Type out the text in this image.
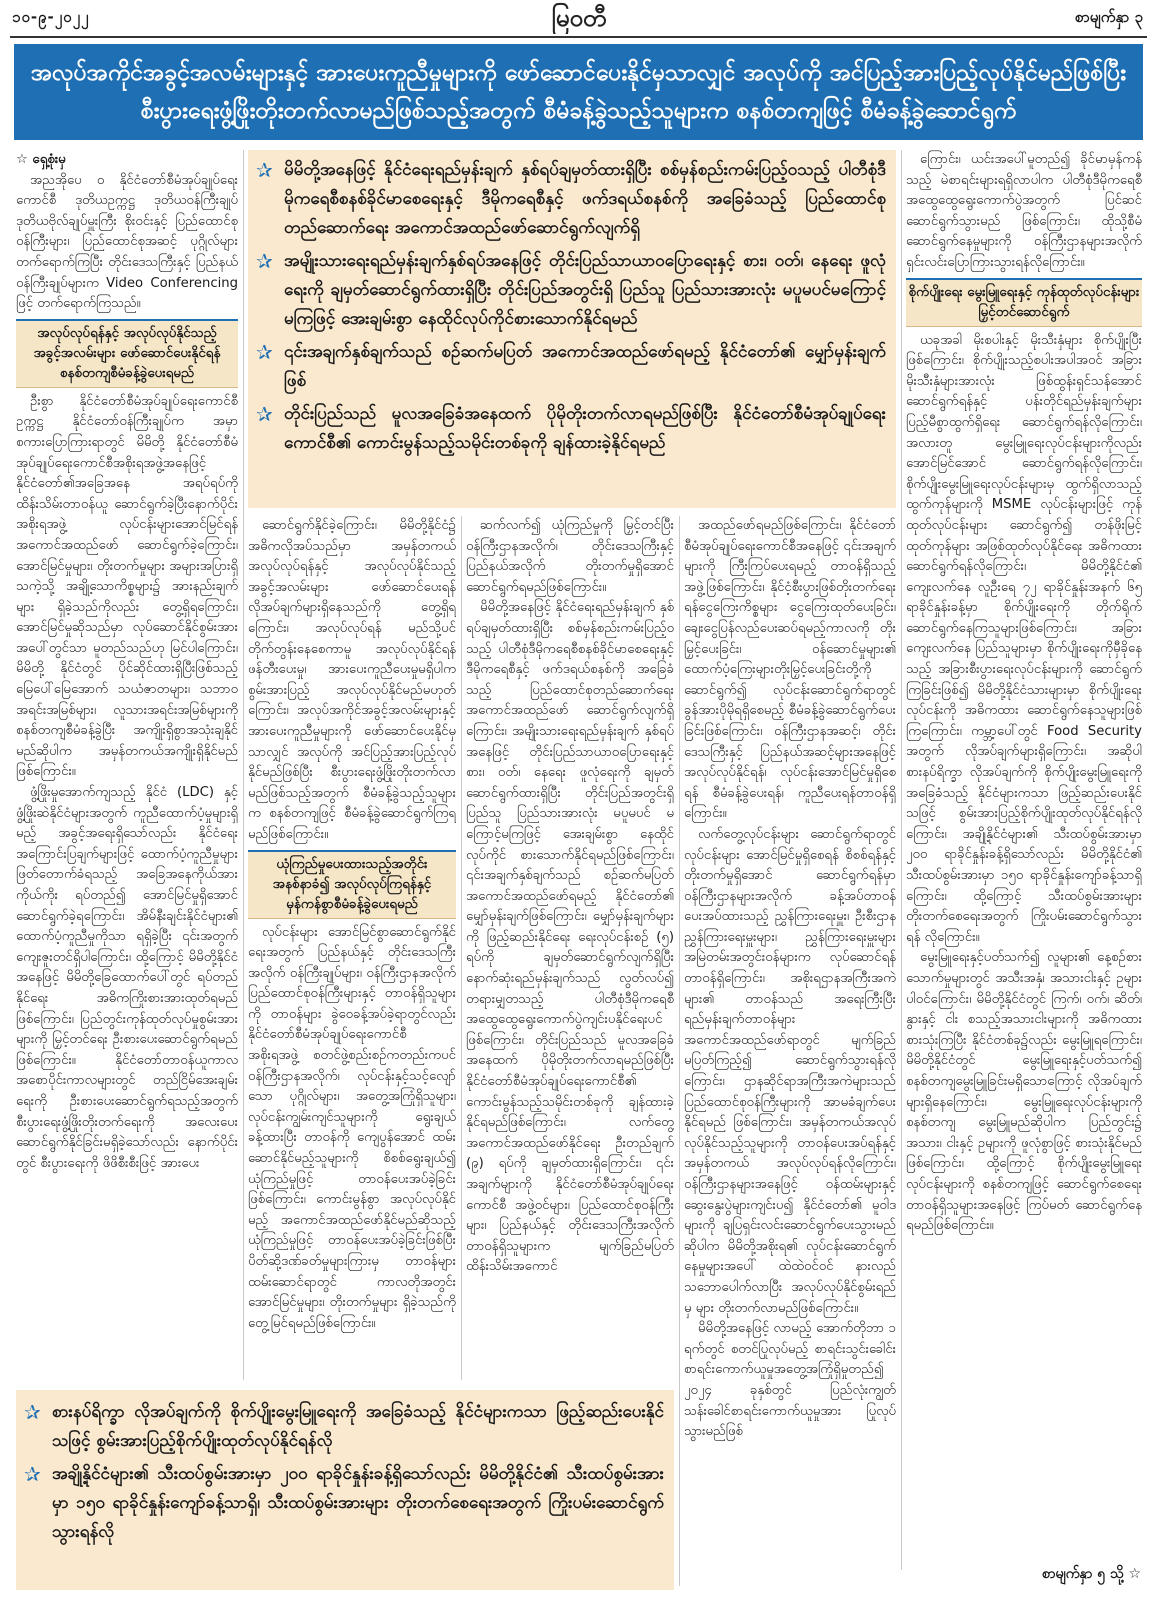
၁၀-၉-၂၀၂၂	မြဝတီ	စာမျက်နှာ ၃

အလုပ်အကိုင်အခွင့်အလမ်းများနှင့် အားပေးကူညီမှုများကို ဖော်ဆောင်ပေးနိုင်မှသာလျှင် အလုပ်ကို အင်ပြည့်အားပြည့်လုပ်နိုင်မည်ဖြစ်ပြီး

စီးပွားရေးဖွံ့ဖြိုးတိုးတက်လာမည်ဖြစ်သည့်အတွက် စီမံခန့်ခွဲသည့်သူများက စနစ်တကျဖြင့် စီမံခန့်ခွဲဆောင်ရွက်

☆ ရှေ့စုံးမှ

အညအိုပေ ၀ နိုင်ငံတော်စီမံအုပ်ချုပ်ရေးကောင်စီ ဒုတိယဥက္ကဋ္ဌ ဒုတိယဝန်ကြီးချုပ် ဒုတိယဗိုလ်ချုပ်မှူးကြီး စိုးဝင်းနှင့် ပြည်ထောင်စုဝန်ကြီးများ၊ ပြည်ထောင်စုအဆင့် ပုဂ္ဂိုလ်များ တက်ရောက်ကြပြီး တိုင်းဒေသကြီးနှင့် ပြည်နယ်ဝန်ကြီးချုပ်များက Video Conferencing ဖြင့် တက်ရောက်ကြသည်။

အလုပ်လုပ်ရန်နှင့် အလုပ်လုပ်နိုင်သည့် အခွင့်အလမ်းများ ဖော်ဆောင်ပေးနိုင်ရန် စနစ်တကျစီမံခန့်ခွဲပေးရမည်

ဦးစွာ နိုင်ငံတော်စီမံအုပ်ချုပ်ရေးကောင်စီဥက္ကဋ္ဌ နိုင်ငံတော်ဝန်ကြီးချုပ်က အမှာစကားပြောကြားရာတွင် မိမိတို့ နိုင်ငံတော်စီမံအုပ်ချုပ်ရေးကောင်စီအစိုးရအဖွဲ့အနေဖြင့် နိုင်ငံတော်၏အခြေအနေ အရပ်ရပ်ကို ထိန်းသိမ်းတာဝန်ယူ ဆောင်ရွက်ခဲ့ပြီးနောက်ပိုင်း အစိုးရအဖွဲ့ လုပ်ငန်းများအောင်မြင်ရန် အကောင်အထည်ဖော် ဆောင်ရွက်ခဲ့ကြောင်း၊ အောင်မြင်မှုများ၊ တိုးတက်မှုများ အများအပြားရှိသကဲ့သို့ အချို့သောကိစ္စများ၌ အားနည်းချက်များ ရှိခဲ့သည်ကိုလည်း တွေ့ရှိရကြောင်း၊ အောင်မြင်မှုဆိုသည်မှာ လုပ်ဆောင်နိုင်စွမ်းအားအပေါ်တွင်သာ မူတည်သည်ဟု မြင်ပါကြောင်း၊ မိမိတို့ နိုင်ငံတွင် ပိုင်ဆိုင်ထားရှိပြီးဖြစ်သည့် မြေပေါ်မြေအောက် သယံဇာတများ၊ သဘာဝအရင်းအမြစ်များ၊ လူသားအရင်းအမြစ်များကို စနစ်တကျစီမံခန့်ခွဲပြီး အကျိုးရှိစွာအသုံးချနိုင်မည်ဆိုပါက အမှန်တကယ်အကျိုးရှိနိုင်မည်ဖြစ်ကြောင်း။

ဖွံ့ဖြိုးမှုအောက်ကျသည့် နိုင်ငံ (LDC) နှင့် ဖွံ့ဖြိုးဆဲနိုင်ငံများအတွက် ကူညီထောက်ပံ့မှုများရှိမည့် အခွင့်အရေးရှိသော်လည်း နိုင်ငံရေးအကြောင်းပြချက်များဖြင့် ထောက်ပံ့ကူညီမှုများ ဖြတ်တောက်ခံရသည့် အခြေအနေကိုယ်အားကိုယ်ကိုး ရပ်တည်၍ အောင်မြင်မှုရှိအောင် ဆောင်ရွက်ခဲ့ရကြောင်း၊ အိမ်နီးချင်းနိုင်ငံများ၏ ထောက်ပံ့ကူညီမှုကိုသာ ရရှိခဲ့ပြီး ၎င်းအတွက် ကျေးဇူးတင်ရှိပါကြောင်း၊ ထို့ကြောင့် မိမိတို့နိုင်ငံအနေဖြင့် မိမိတို့ခြေထောက်ပေါ်တွင် ရပ်တည်နိုင်ရေး အဓိကကြိုးစားအားထုတ်ရမည်ဖြစ်ကြောင်း၊ ပြည်တွင်းကုန်ထုတ်လုပ်မှုစွမ်းအားများကို မြှင့်တင်ရေး ဦးစားပေးဆောင်ရွက်ရမည်ဖြစ်ကြောင်း။ နိုင်ငံတော်တာဝန်ယူကာလ အစောပိုင်းကာလများတွင် တည်ငြိမ်အေးချမ်းရေးကို ဦးစားပေးဆောင်ရွက်ရသည့်အတွက် စီးပွားရေးဖွံ့ဖြိုးတိုးတက်ရေးကို အလေးပေးဆောင်ရွက်နိုင်ခြင်းမရှိခဲ့သော်လည်း နောက်ပိုင်းတွင် စီးပွားရေးကို ဖိဖိစီးစီးဖြင့် အားပေး

✰ မိမိတို့အနေဖြင့် နိုင်ငံရေးရည်မှန်းချက် နှစ်ရပ်ချမှတ်ထားရှိပြီး စစ်မှန်စည်းကမ်းပြည့်ဝသည့် ပါတီစုံဒီမိုကရေစီစနစ်ခိုင်မာစေရေးနှင့် ဒီမိုကရေစီနှင့် ဖက်ဒရယ်စနစ်ကို အခြေခံသည့် ပြည်ထောင်စုတည်ဆောက်ရေး အကောင်အထည်ဖော်ဆောင်ရွက်လျက်ရှိ
✰ အမျိုးသားရေးရည်မှန်းချက်နှစ်ရပ်အနေဖြင့် တိုင်းပြည်သာယာဝပြောရေးနှင့် စား၊ ဝတ်၊ နေရေး ဖူလုံရေးကို ချမှတ်ဆောင်ရွက်ထားရှိပြီး တိုင်းပြည်အတွင်းရှိ ပြည်သူ ပြည်သားအားလုံး မပူမပင်မကြောင့်မကြဖြင့် အေးချမ်းစွာ နေထိုင်လုပ်ကိုင်စားသောက်နိုင်ရမည်
✰ ၎င်းအချက်နှစ်ချက်သည် စဉ်ဆက်မပြတ် အကောင်အထည်ဖော်ရမည့် နိုင်ငံတော်၏ မျှော်မှန်းချက်ဖြစ်
✰ တိုင်းပြည်သည် မူလအခြေခံအနေထက် ပိုမိုတိုးတက်လာရမည်ဖြစ်ပြီး နိုင်ငံတော်စီမံအုပ်ချုပ်ရေးကောင်စီ၏ ကောင်းမွန်သည့်သမိုင်းတစ်ခုကို ချန်ထားခဲ့နိုင်ရမည်

ဆောင်ရွက်နိုင်ခဲ့ကြောင်း၊ မိမိတို့နိုင်ငံ၌ အဓိကလိုအပ်သည်မှာ အမှန်တကယ် အလုပ်လုပ်ရန်နှင့် အလုပ်လုပ်နိုင်သည့် အခွင့်အလမ်းများ ဖော်ဆောင်ပေးရန် လိုအပ်ချက်များရှိနေသည်ကို တွေ့ရှိရကြောင်း၊ အလုပ်လုပ်ရန် မည်သို့ပင် တိုက်တွန်းနေစေကာမူ အလုပ်လုပ်နိုင်ရန် ဖန်တီးပေးမှု၊ အားပေးကူညီပေးမှုမရှိပါက စွမ်းအားပြည့် အလုပ်လုပ်နိုင်မည်မဟုတ်ကြောင်း၊ အလုပ်အကိုင်အခွင့်အလမ်းများနှင့် အားပေးကူညီမှုများကို ဖော်ဆောင်ပေးနိုင်မှသာလျှင် အလုပ်ကို အင်ပြည့်အားပြည့်လုပ်နိုင်မည်ဖြစ်ပြီး စီးပွားရေးဖွံ့ဖြိုးတိုးတက်လာမည်ဖြစ်သည့်အတွက် စီမံခန့်ခွဲသည့်သူများက စနစ်တကျဖြင့် စီမံခန့်ခွဲဆောင်ရွက်ကြရမည်ဖြစ်ကြောင်း။

ယုံကြည်မှုပေးထားသည့်အတိုင်း အနစ်နာခံ၍ အလုပ်လုပ်ကြရန်နှင့် မှန်ကန်စွာစီမံခန့်ခွဲပေးရမည်

လုပ်ငန်းများ အောင်မြင်စွာဆောင်ရွက်နိုင်ရေးအတွက် ပြည်နယ်နှင့် တိုင်းဒေသကြီးအလိုက် ဝန်ကြီးချုပ်များ၊ ဝန်ကြီးဌာနအလိုက် ပြည်ထောင်စုဝန်ကြီးများနှင့် တာဝန်ရှိသူများကို တာဝန်များ ခွဲဝေခန့်အပ်ခဲ့ရာတွင်လည်း နိုင်ငံတော်စီမံအုပ်ချုပ်ရေးကောင်စီ အစိုးရအဖွဲ့ စတင်ဖွဲ့စည်းစဉ်ကတည်းကပင် ဝန်ကြီးဌာနအလိုက်၊ လုပ်ငန်းနှင့်သင့်လျော်သော ပုဂ္ဂိုလ်များ၊ အတွေ့အကြုံရှိသူများ၊ လုပ်ငန်းကျွမ်းကျင်သူများကို ရွေးချယ်ခန့်ထားပြီး တာဝန်ကို ကျေပွန်အောင် ထမ်းဆောင်နိုင်မည့်သူများကို စိစစ်ရွေးချယ်၍ ယုံကြည်မှုဖြင့် တာဝန်ပေးအပ်ခဲ့ခြင်းဖြစ်ကြောင်း၊ ကောင်းမွန်စွာ အလုပ်လုပ်နိုင်မည့် အကောင်အထည်ဖော်နိုင်မည်ဆိုသည့် ယုံကြည်မှုဖြင့် တာဝန်ပေးအပ်ခဲ့ခြင်းဖြစ်ပြီး ပိတ်ဆို့ဒဏ်ခတ်မှုများကြားမှ တာဝန်များထမ်းဆောင်ရာတွင် ကာလတိုအတွင်း အောင်မြင်မှုများ၊ တိုးတက်မှုများ ရှိခဲ့သည်ကို တွေ့မြင်ရမည်ဖြစ်ကြောင်း။

ဆက်လက်၍ ယုံကြည်မှုကို မြှင့်တင်ပြီး ဝန်ကြီးဌာနအလိုက်၊ တိုင်းဒေသကြီးနှင့် ပြည်နယ်အလိုက် တိုးတက်မှုရှိအောင် ဆောင်ရွက်ရမည်ဖြစ်ကြောင်း။

မိမိတို့အနေဖြင့် နိုင်ငံရေးရည်မှန်းချက် နှစ်ရပ်ချမှတ်ထားရှိပြီး စစ်မှန်စည်းကမ်းပြည့်ဝသည့် ပါတီစုံဒီမိုကရေစီစနစ်ခိုင်မာစေရေးနှင့် ဒီမိုကရေစီနှင့် ဖက်ဒရယ်စနစ်ကို အခြေခံသည့် ပြည်ထောင်စုတည်ဆောက်ရေး အကောင်အထည်ဖော် ဆောင်ရွက်လျက်ရှိကြောင်း၊ အမျိုးသားရေးရည်မှန်းချက် နှစ်ရပ်အနေဖြင့် တိုင်းပြည်သာယာဝပြောရေးနှင့် စား၊ ဝတ်၊ နေရေး ဖူလုံရေးကို ချမှတ်ဆောင်ရွက်ထားရှိပြီး တိုင်းပြည်အတွင်းရှိ ပြည်သူ ပြည်သားအားလုံး မပူမပင် မကြောင့်မကြဖြင့် အေးချမ်းစွာ နေထိုင် လုပ်ကိုင် စားသောက်နိုင်ရမည်ဖြစ်ကြောင်း၊ ၎င်းအချက်နှစ်ချက်သည် စဉ်ဆက်မပြတ် အကောင်အထည်ဖော်ရမည့် နိုင်ငံတော်၏ မျှော်မှန်းချက်ဖြစ်ကြောင်း၊ မျှော်မှန်းချက်များကို ဖြည့်ဆည်းနိုင်ရေး ရေးလုပ်ငန်းစဉ် (၅) ရပ်ကို ချမှတ်ဆောင်ရွက်လျက်ရှိပြီး နောက်ဆုံးရည်မှန်းချက်သည် လွတ်လပ်၍ တရားမျှတသည့် ပါတီစုံဒီမိုကရေစီ အထွေထွေရွေးကောက်ပွဲကျင်းပနိုင်ရေးပင်ဖြစ်ကြောင်း၊ တိုင်းပြည်သည် မူလအခြေခံအနေထက် ပိုမိုတိုးတက်လာရမည်ဖြစ်ပြီး နိုင်ငံတော်စီမံအုပ်ချုပ်ရေးကောင်စီ၏ ကောင်းမွန်သည့်သမိုင်းတစ်ခုကို ချန်ထားခဲ့နိုင်ရမည်ဖြစ်ကြောင်း၊ လက်တွေ့ အကောင်အထည်ဖော်နိုင်ရေး ဦးတည်ချက် (၉) ရပ်ကို ချမှတ်ထားရှိကြောင်း၊ ၎င်းအချက်များကို နိုင်ငံတော်စီမံအုပ်ချုပ်ရေးကောင်စီ အဖွဲ့ဝင်များ၊ ပြည်ထောင်စုဝန်ကြီးများ၊ ပြည်နယ်နှင့် တိုင်းဒေသကြီးအလိုက် တာဝန်ရှိသူများက မျက်ခြည်မပြတ် ထိန်းသိမ်းအကောင်

အထည်ဖော်ရမည်ဖြစ်ကြောင်း၊ နိုင်ငံတော်စီမံအုပ်ချုပ်ရေးကောင်စီအနေဖြင့် ၎င်းအချက်များကို ကြီးကြပ်ပေးရမည့် တာဝန်ရှိသည့်အဖွဲ့ဖြစ်ကြောင်း၊ နိုင်ငံ့စီးပွားဖြစ်တိုးတက်ရေးရန်ငွေကြေးကိစ္စများ ငွေကြေးထုတ်ပေးခြင်း၊ ချေးငွေပြန်လည်ပေးဆပ်ရမည့်ကာလကို တိုးမြှင့်ပေးခြင်း၊ ဝန်ဆောင်မှုများ၏ ထောက်ပံ့ကြေးများတိုးမြှင့်ပေးခြင်းတို့ကို ဆောင်ရွက်၍ လုပ်ငန်းဆောင်ရွက်ရာတွင် ခွန်အားပိုမိုရရှိစေမည့် စီမံခန့်ခွဲဆောင်ရွက်ပေးခြင်းဖြစ်ကြောင်း၊ ဝန်ကြီးဌာနအဆင့်၊ တိုင်းဒေသကြီးနှင့် ပြည်နယ်အဆင့်များအနေဖြင့် အလုပ်လုပ်နိုင်ရန်၊ လုပ်ငန်းအောင်မြင်မှုရှိစေရန် စီမံခန့်ခွဲပေးရန်၊ ကူညီပေးရန်တာဝန်ရှိကြောင်း။

လက်တွေ့လုပ်ငန်းများ ဆောင်ရွက်ရာတွင် လုပ်ငန်းများ အောင်မြင်မှုရှိစေရန် စိစစ်ရန်နှင့် တိုးတက်မှုရှိအောင် ဆောင်ရွက်ရန်မှာ ဝန်ကြီးဌာနများအလိုက် ခန့်အပ်တာဝန် ပေးအပ်ထားသည့် ညွှန်ကြားရေးမှူး၊ ဦးစီးဌာနညွှန်ကြားရေးမှူးများ၊ ညွှန်ကြားရေးမှူးများ အမြဲတမ်းအတွင်းဝန်များက လုပ်ဆောင်ရန်တာဝန်ရှိကြောင်း၊ အစိုးရဌာနအကြီးအကဲများ၏ တာဝန်သည် အရေးကြီးပြီး ရည်မှန်းချက်တာဝန်များ အကောင်အထည်ဖော်ရာတွင် မျက်ခြည်မပြတ်ကြည့်၍ ဆောင်ရွက်သွားရန်လိုကြောင်း၊ ဌာနဆိုင်ရာအကြီးအကဲများသည်ပြည်ထောင်စုဝန်ကြီးများကို အာမခံချက်ပေးနိုင်ရမည် ဖြစ်ကြောင်း၊ အမှန်တကယ်အလုပ်လုပ်နိုင်သည့်သူများကို တာဝန်ပေးအပ်ရန်နှင့် အမှန်တကယ် အလုပ်လုပ်ရန်လိုကြောင်း၊ ဝန်ကြီးဌာနများအနေဖြင့် ဝန်ထမ်းများနှင့် ဆွေးနွေးပွဲများကျင်းပ၍ နိုင်ငံတော်၏ မူဝါဒများကို ချပြရှင်းလင်းဆောင်ရွက်ပေးသွားမည်ဆိုပါက မိမိတို့အစိုးရ၏ လုပ်ငန်းဆောင်ရွက်နေမှုများအပေါ် ထဲထဲဝင်ဝင် နားလည်သဘောပေါက်လာပြီး အလုပ်လုပ်နိုင်စွမ်းရည်မှ များ တိုးတက်လာမည်ဖြစ်ကြောင်း။

မိမိတို့အနေဖြင့် လာမည့် အောက်တိုဘာ ၁ ရက်တွင် စတင်ပြုလုပ်မည့် စာရင်းသွင်းခေါင်းစာရင်းကောက်ယူမှုအတွေ့အကြုံရှိမှုတည်၍ ၂၀၂၄ ခုနှစ်တွင် ပြည်လုံးကျွတ်သန်းခေါင်စာရင်းကောက်ယူမှုအား ပြုလုပ်သွားမည်ဖြစ်

ကြောင်း၊ ယင်းအပေါ်မူတည်၍ ခိုင်မာမှန်ကန်သည့် မဲစာရင်းများရရှိလာပါက ပါတီစုံဒီမိုကရေစီ အထွေထွေရွေးကောက်ပွဲအတွက် ပြင်ဆင်ဆောင်ရွက်သွားမည် ဖြစ်ကြောင်း၊ ထိုသို့စီမံဆောင်ရွက်နေမှုများကို ဝန်ကြီးဌာနများအလိုက် ရှင်းလင်းပြောကြားသွားရန်လိုကြောင်း။

စိုက်ပျိုးရေး မွေးမြူရေးနှင့် ကုန်ထုတ်လုပ်ငန်းများ မြှင့်တင်ဆောင်ရွက်

ယခုအခါ မိုးစပါးနှင့် မိုးသီးနှံများ စိုက်ပျိုးပြီးဖြစ်ကြောင်း၊ စိုက်ပျိုးသည့်စပါးအပါအဝင် အခြားမိုးသီးနှံများအားလုံး ဖြစ်ထွန်းရှင်သန်အောင် ဆောင်ရွက်ရန်နှင့် ပန်းတိုင်ရည်မှန်းချက်များ ပြည့်မီစွာထွက်ရှိရေး ဆောင်ရွက်ရန်လိုကြောင်း၊ အလားတူ မွေးမြူရေးလုပ်ငန်းများကိုလည်း အောင်မြင်အောင် ဆောင်ရွက်ရန်လိုကြောင်း၊ စိုက်ပျိုးမွေးမြူရေးလုပ်ငန်းများမှ ထွက်ရှိလာသည့် ထွက်ကုန်များကို MSME လုပ်ငန်းများဖြင့် ကုန်ထုတ်လုပ်ငန်းများ ဆောင်ရွက်၍ တန်ဖိုးမြင့်ထုတ်ကုန်များ အဖြစ်ထုတ်လုပ်နိုင်ရေး အဓိကထား ဆောင်ရွက်ရန်လိုကြောင်း၊ မိမိတို့နိုင်ငံ၏ ကျေးလက်နေ လူဦးရေ ၇၂ ရာခိုင်နှုန်းအနက် ၆၅ ရာခိုင်နှုန်းခန့်မှာ စိုက်ပျိုးရေးကို တိုက်ရိုက်ဆောင်ရွက်နေကြသူများဖြစ်ကြောင်း၊ အခြားကျေးလက်နေ ပြည်သူများမှာ စိုက်ပျိုးရေးကိုမှီခိုနေသည့် အခြားစီးပွားရေးလုပ်ငန်းများကို ဆောင်ရွက်ကြခြင်းဖြစ်၍ မိမိတို့နိုင်ငံသားများမှာ စိုက်ပျိုးရေးလုပ်ငန်းကို အဓိကထား ဆောင်ရွက်နေသူများဖြစ်ကြကြောင်း၊ ကမ္ဘာ့ပေါ်တွင် Food Security အတွက် လိုအပ်ချက်များရှိကြောင်း၊ အဆိုပါ စားနပ်ရိက္ခာ လိုအပ်ချက်ကို စိုက်ပျိုးမွေးမြူရေးကို အခြေခံသည့် နိုင်ငံများကသာ ဖြည့်ဆည်းပေးနိုင်သဖြင့် စွမ်းအားပြည့်စိုက်ပျိုးထုတ်လုပ်နိုင်ရန်လိုကြောင်း၊ အချို့နိုင်ငံများ၏ သီးထပ်စွမ်းအားမှာ ၂၀၀ ရာခိုင်နှုန်းခန့်ရှိသော်လည်း မိမိတို့နိုင်ငံ၏ သီးထပ်စွမ်းအားမှာ ၁၅၀ ရာခိုင်နှုန်းကျော်ခန့်သာရှိကြောင်း၊ ထို့ကြောင့် သီးထပ်စွမ်းအားများ တိုးတက်စေရေးအတွက် ကြိုးပမ်းဆောင်ရွက်သွားရန် လိုကြောင်း။

မွေးမြူရေးနှင့်ပတ်သက်၍ လူများ၏ နေ့စဉ်စားသောက်မှုများတွင် အသီးအနှံ၊ အသားငါးနှင့် ဥများ ပါဝင်ကြောင်း၊ မိမိတို့နိုင်ငံတွင် ကြက်၊ ဝက်၊ ဆိတ်၊ နွားနှင့် ငါး စသည့်အသားငါးများကို အဓိကထားစားသုံးကြပြီး နိုင်ငံတစ်ခု၌လည်း မွေးမြူရကြောင်း၊ မိမိတို့နိုင်ငံတွင် မွေးမြူရေးနှင့်ပတ်သက်၍ စနစ်တကျမွေးမြူခြင်းမရှိသောကြောင့် လိုအပ်ချက်များရှိနေကြောင်း၊ မွေးမြူရေးလုပ်ငန်းများကို စနစ်တကျ မွေးမြူမည်ဆိုပါက ပြည်တွင်း၌ အသား၊ ငါးနှင့် ဥများကို ဖူလုံစွာဖြင့် စားသုံးနိုင်မည်ဖြစ်ကြောင်း၊ ထို့ကြောင့် စိုက်ပျိုးမွေးမြူရေးလုပ်ငန်းများကို စနစ်တကျဖြင့် ဆောင်ရွက်စေရေး တာဝန်ရှိသူများအနေဖြင့် ကြပ်မတ် ဆောင်ရွက်နေရမည်ဖြစ်ကြောင်း။

✰ စားနပ်ရိက္ခာ လိုအပ်ချက်ကို စိုက်ပျိုးမွေးမြူရေးကို အခြေခံသည့် နိုင်ငံများကသာ ဖြည့်ဆည်းပေးနိုင်သဖြင့် စွမ်းအားပြည့်စိုက်ပျိုးထုတ်လုပ်နိုင်ရန်လို
✰ အချို့နိုင်ငံများ၏ သီးထပ်စွမ်းအားမှာ ၂၀၀ ရာခိုင်နှုန်းခန့်ရှိသော်လည်း မိမိတို့နိုင်ငံ၏ သီးထပ်စွမ်းအားမှာ ၁၅၀ ရာခိုင်နှုန်းကျော်ခန့်သာရှိ၊ သီးထပ်စွမ်းအားများ တိုးတက်စေရေးအတွက် ကြိုးပမ်းဆောင်ရွက်သွားရန်လို
စာမျက်နှာ ၅ သို့ ☆
